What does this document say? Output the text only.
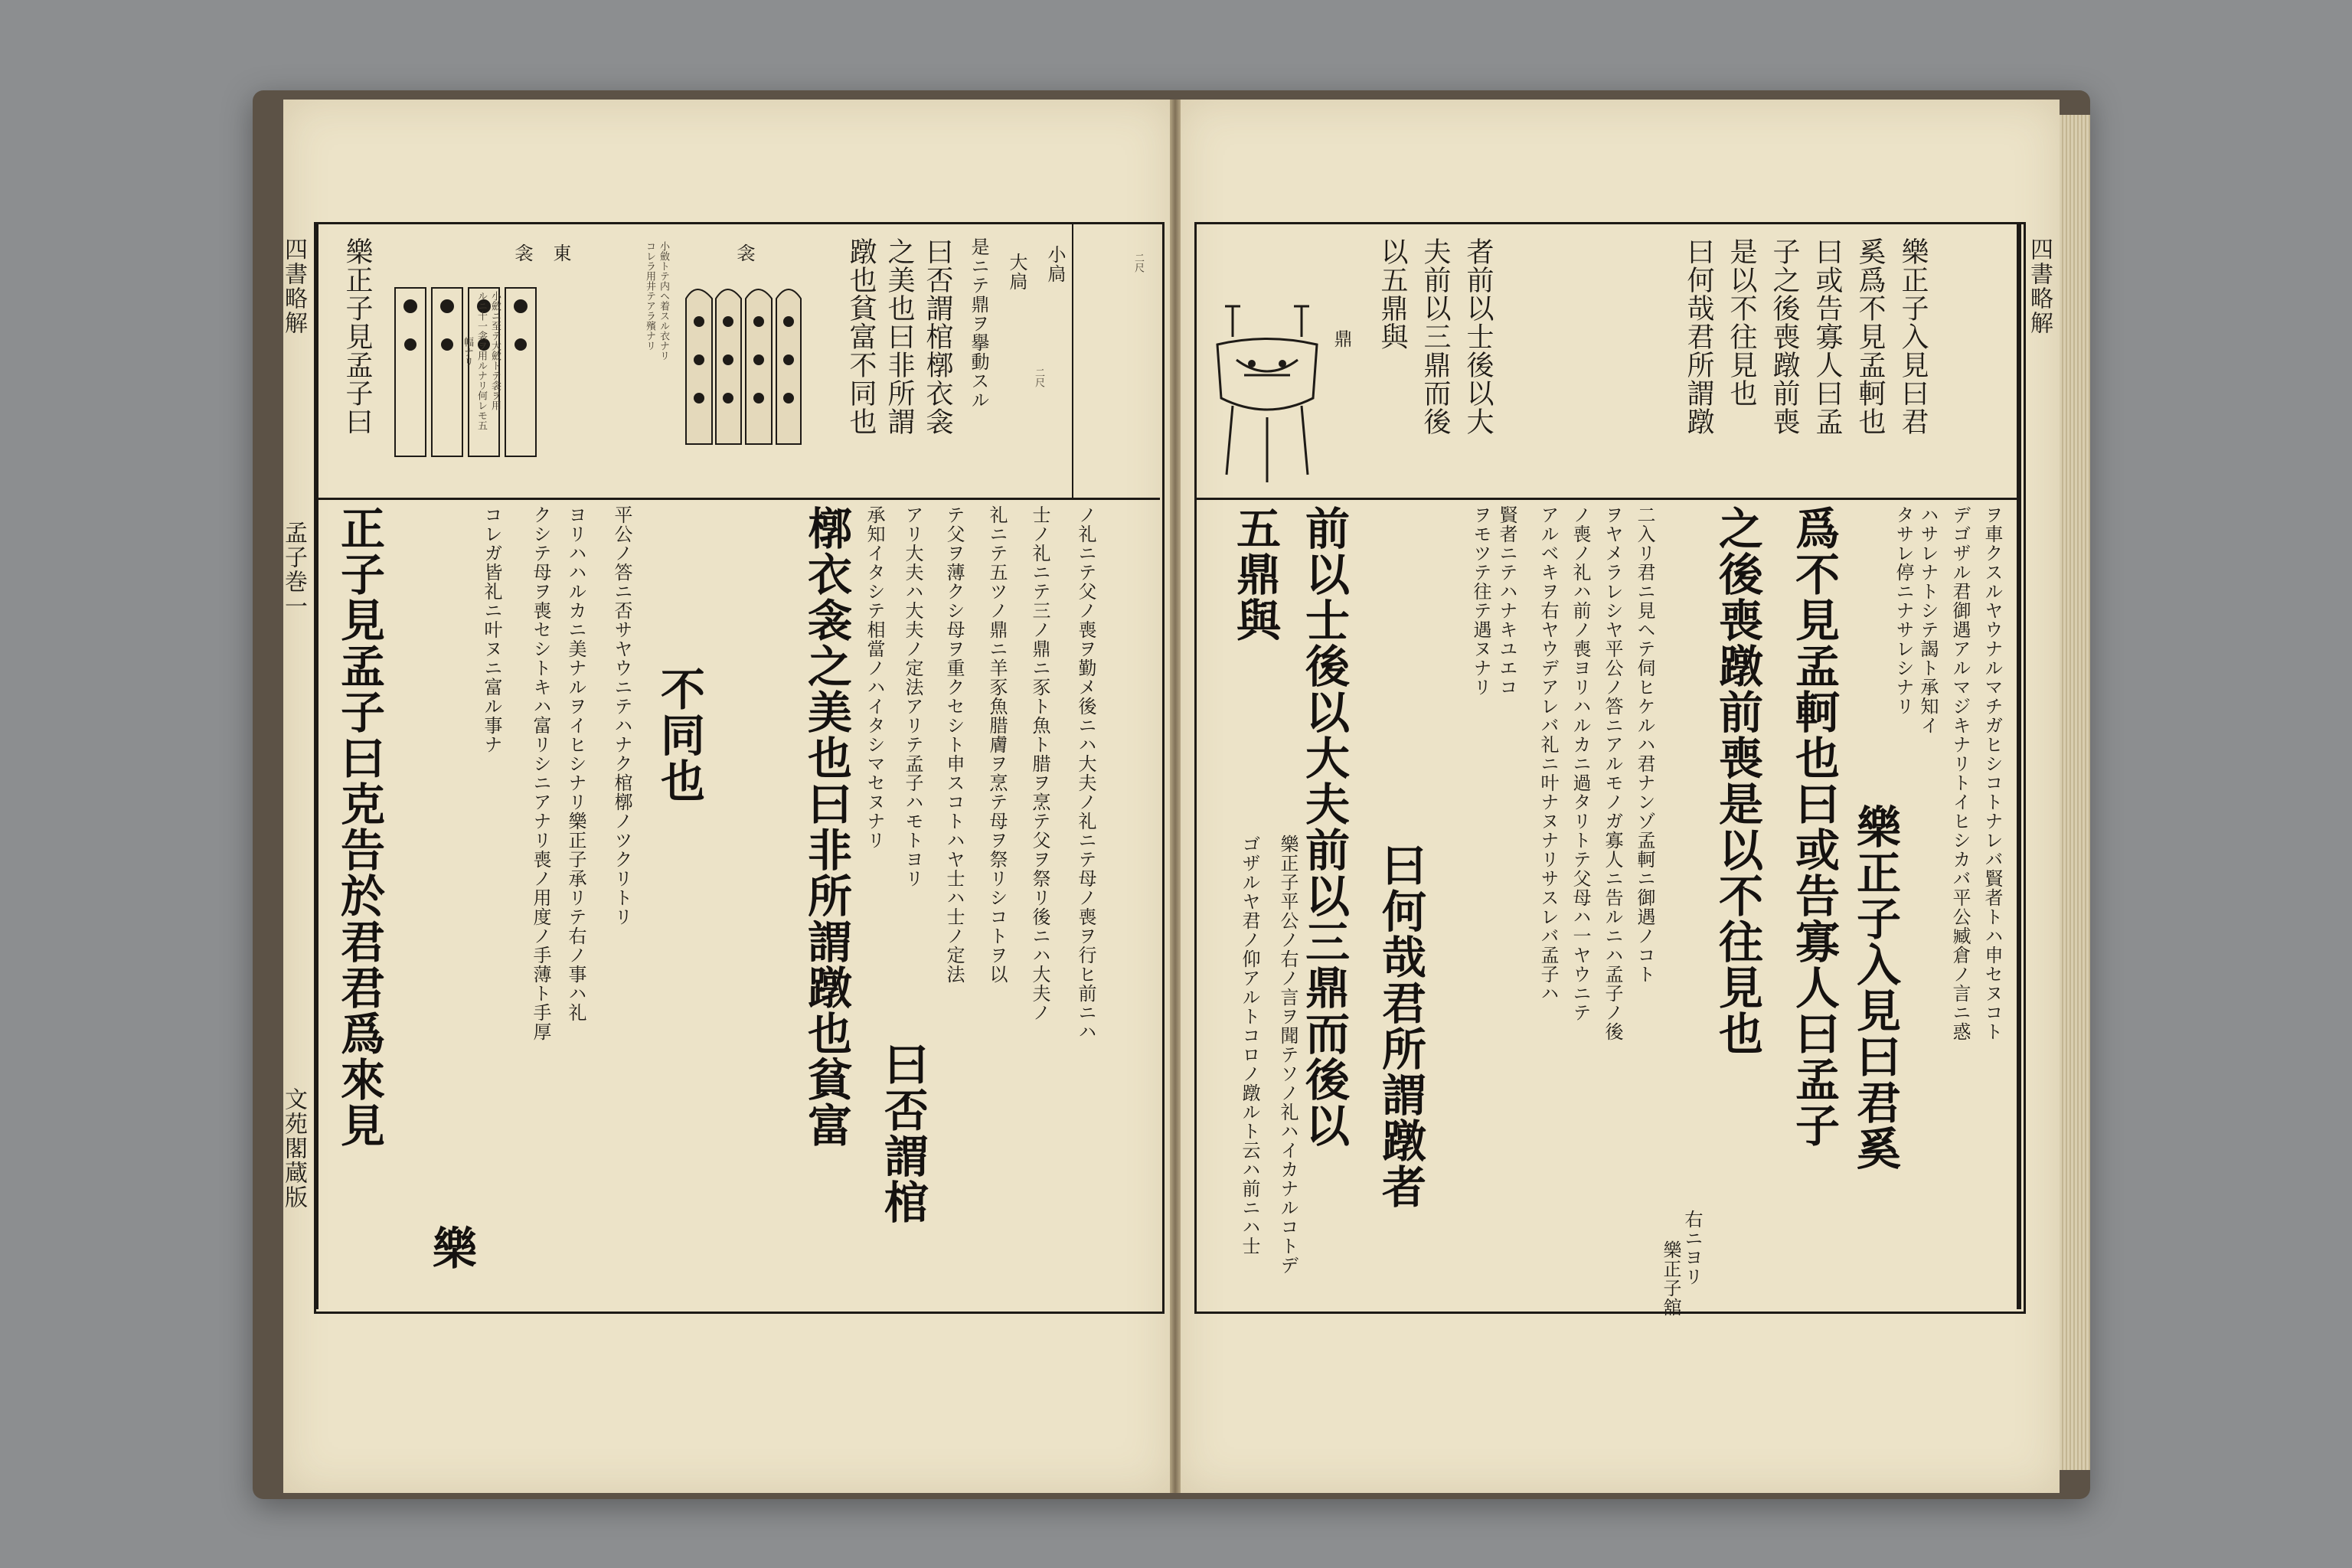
四書略解
孟子巻一
文苑閣蔵版
樂正子見孟子曰	蹾也貧富不同也 之美也曰非所謂 曰否謂棺槨衣衾 是ニテ鼎ヲ擧動スル 大扃 小扃
東
衾	衾
小斂トテ内ヘ着スル衣ナリ
コレラ用井テアラ殯ナリ
小斂ニ至テ大斂トテ衾ヲ用
ルニ十一衾ヲ用ルナリ何レモ五
幅ナリ
二尺
二尺
正子見孟子曰克告於君君爲來見	コレガ皆礼ニ叶ヌニ富ル事ナ クシテ母ヲ喪セシトキハ富リシニアナリ喪ノ用度ノ手薄ト手厚 ヨリハハルカニ美ナルヲイヒシナリ樂正子承リテ右ノ事ハ礼 不同也
平公ノ答ニ否サヤウニテハナク棺槨ノツクリトリ	槨衣衾之美也曰非所謂蹾也貧富 承知イタシテ相當ノハイタシマセヌナリ アリ大夫ハ大夫ノ定法アリテ孟子ハモトヨリ テ父ヲ薄クシ母ヲ重クセシト申スコトハヤ士ハ士ノ定法 礼ニテ五ツノ鼎ニ羊豕魚腊膚ヲ烹テ母ヲ祭リシコトヲ以 士ノ礼ニテ三ノ鼎ニ豕ト魚ト腊ヲ烹テ父ヲ祭リ後ニハ大夫ノ ノ礼ニテ父ノ喪ヲ勤メ後ニハ大夫ノ礼ニテ母ノ喪ヲ行ヒ前ニハ
曰否謂棺
樂
四書略解
鼎 以五鼎與 夫前以三鼎而後 者前以士後以大	曰何哉君所謂蹾 是以不往見也 子之後喪蹾前喪 曰或告寡人曰孟 奚爲不見孟軻也 樂正子入見曰君
ヲ車クスルヤウナルマチガヒシコトナレバ賢者トハ申セヌコト
デゴザル君御遇アルマジキナリトイヒシカバ平公臧倉ノ言ニ惑
ハサレナトシテ謁ト承知イ
タサレ停ニナサレシナリ
樂正子入見曰君奚
爲不見孟軻也曰或告寡人曰孟子
之後喪蹾前喪是以不往見也
右ニヨリ
樂正子舘
二入リ君ニ見ヘテ伺ヒケルハ君ナンゾ孟軻ニ御遇ノコト
ヲヤメラレシヤ平公ノ答ニアルモノガ寡人ニ告ルニハ孟子ノ後
ノ喪ノ礼ハ前ノ喪ヨリハルカニ過タリトテ父母ハ一ヤウニテ
アルベキヲ右ヤウデアレバ礼ニ叶ナヌナリサスレバ孟子ハ
曰何哉君所謂蹾者
賢者ニテハナキユエコ
ヲモツテ往テ遇ヌナリ
前以士後以大夫前以三鼎而後以
五鼎與
樂正子平公ノ右ノ言ヲ聞テソノ礼ハイカナルコトデ
ゴザルヤ君ノ仰アルトコロノ蹾ルト云ハ前ニハ士
